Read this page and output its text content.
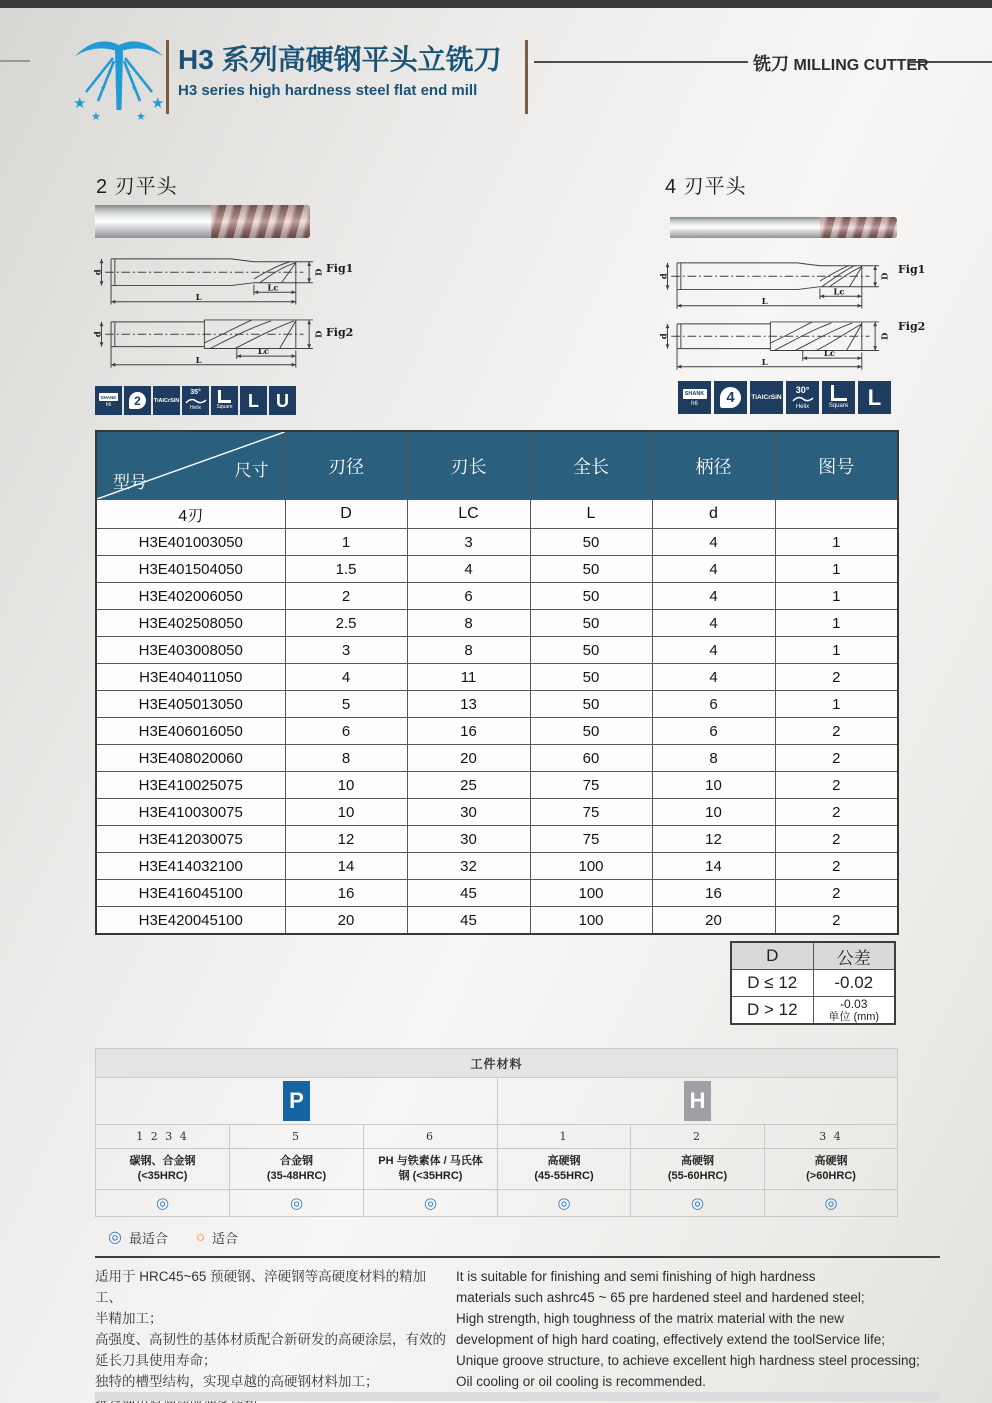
★
★
★
★
★
★
★ ★ H3 系列高硬钢平头立铣刀
H3 series high hardness steel flat end mill
铣刀 MILLING CUTTER
2 刃平头	4 刃平头
d	D
Lc
L
d	D
Lc
L
d	D
Lc
L
d	D
Lc
L
Fig1
Fig2
Fig1
Fig2
SHANK
h6	2	TiAlCrSiN
35°
Helix	Square L U	SHANK
h6	4	TiAlCrSiN
30°
Helix	Square L
型号
尺寸	刃径	刃长	全长	柄径	图号
4刃	D	LC	L	d	
H3E401003050	1	3	50	4	1
H3E401504050	1.5	4	50	4	1
H3E402006050	2	6	50	4	1
H3E402508050	2.5	8	50	4	1
H3E403008050	3	8	50	4	1
H3E404011050	4	11	50	4	2
H3E405013050	5	13	50	6	1
H3E406016050	6	16	50	6	2
H3E408020060	8	20	60	8	2
H3E410025075	10	25	75	10	2
H3E410030075	10	30	75	10	2
H3E412030075	12	30	75	12	2
H3E414032100	14	32	100	14	2
H3E416045100	16	45	100	16	2
H3E420045100	20	45	100	20	2
D	公差
D ≤ 12	-0.02
D > 12	-0.03
单位 (mm)
工件材料					

P			H		

1 2 3 4	5	6	1	2	3 4

碳钢、合金钢
(<35HRC)

合金钢
(35-48HRC)

PH 与铁素体 / 马氏体
钢 (<35HRC)

高硬钢
(45-55HRC)

高硬钢
(55-60HRC)

高硬钢
(>60HRC)

◎	◎	◎	◎	◎	◎
◎ 最适合 ○ 适合
适用于 HRC45~65 预硬钢、淬硬钢等高硬度材料的精加工、
半精加工；
高强度、高韧性的基体材质配合新研发的高硬涂层，有效的
延长刀具使用寿命；
独特的槽型结构，实现卓越的高硬钢材料加工；
It is suitable for finishing and semi finishing of high hardness
materials such ashrc45 ~ 65 pre hardened steel and hardened steel;
High strength, high toughness of the matrix material with the new
development of high hard coating, effectively extend the toolService life;
Unique groove structure, to achieve excellent high hardness steel processing;
Oil cooling or oil cooling is recommended.
